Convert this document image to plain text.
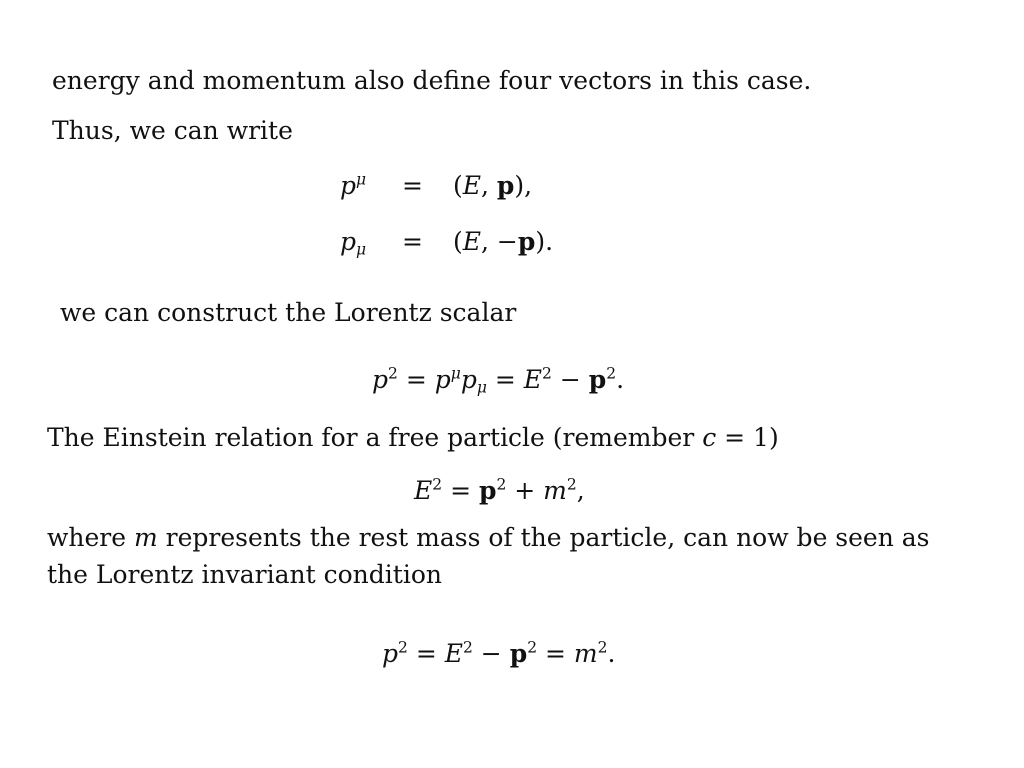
energy and momentum also define four vectors in this case.
Thus, we can write
$p^\mu = (E$, p),
$p_\mu = (E$, −p).
we can construct the Lorentz scalar
$p^2 = p^\mu p_\mu = E^2 - p^2$.
The Einstein relation for a free particle (remember c = 1)
$E^2 = p^2 + m^2$,
where m represents the rest mass of the particle, can now be seen as
the Lorentz invariant condition
$p^2 = E^2 - p^2 = m^2$.
